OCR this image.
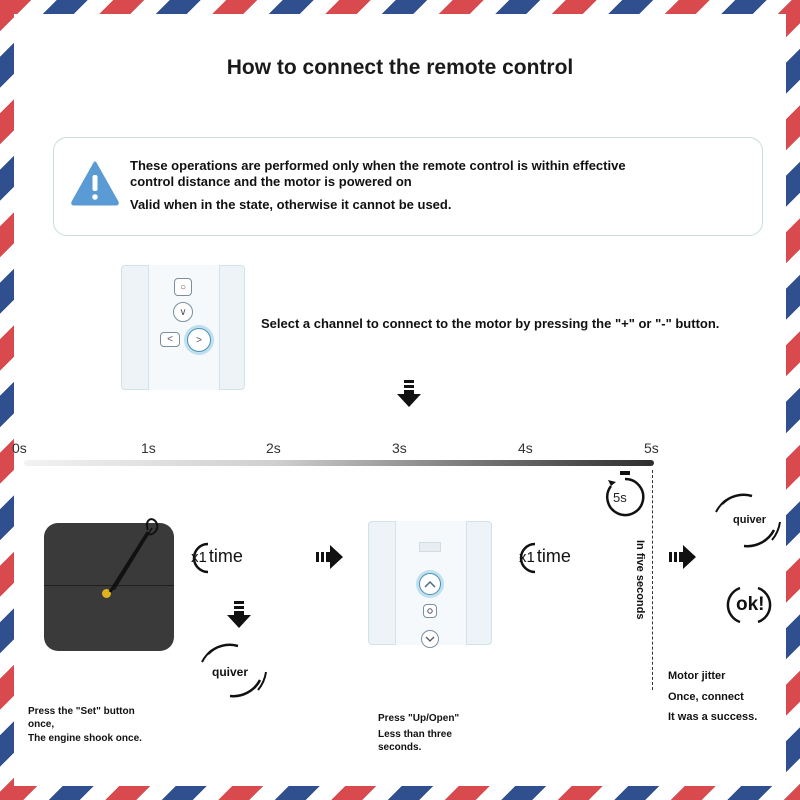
How to connect the remote control
These operations are performed only when the remote control is within effective
control distance and the motor is powered on
Valid when in the state, otherwise it cannot be used.
○
∨
<	>
Select a channel to connect to the motor by pressing the "+" or "-" button.
0s	1s	2s	3s	4s	5s
x1 time
quiver
Press the "Set" button
once,
The engine shook once.
x1 time
Press "Up/Open"
Less than three
seconds.
5s
In five seconds
quiver
ok!
Motor jitter
Once, connect
It was a success.
